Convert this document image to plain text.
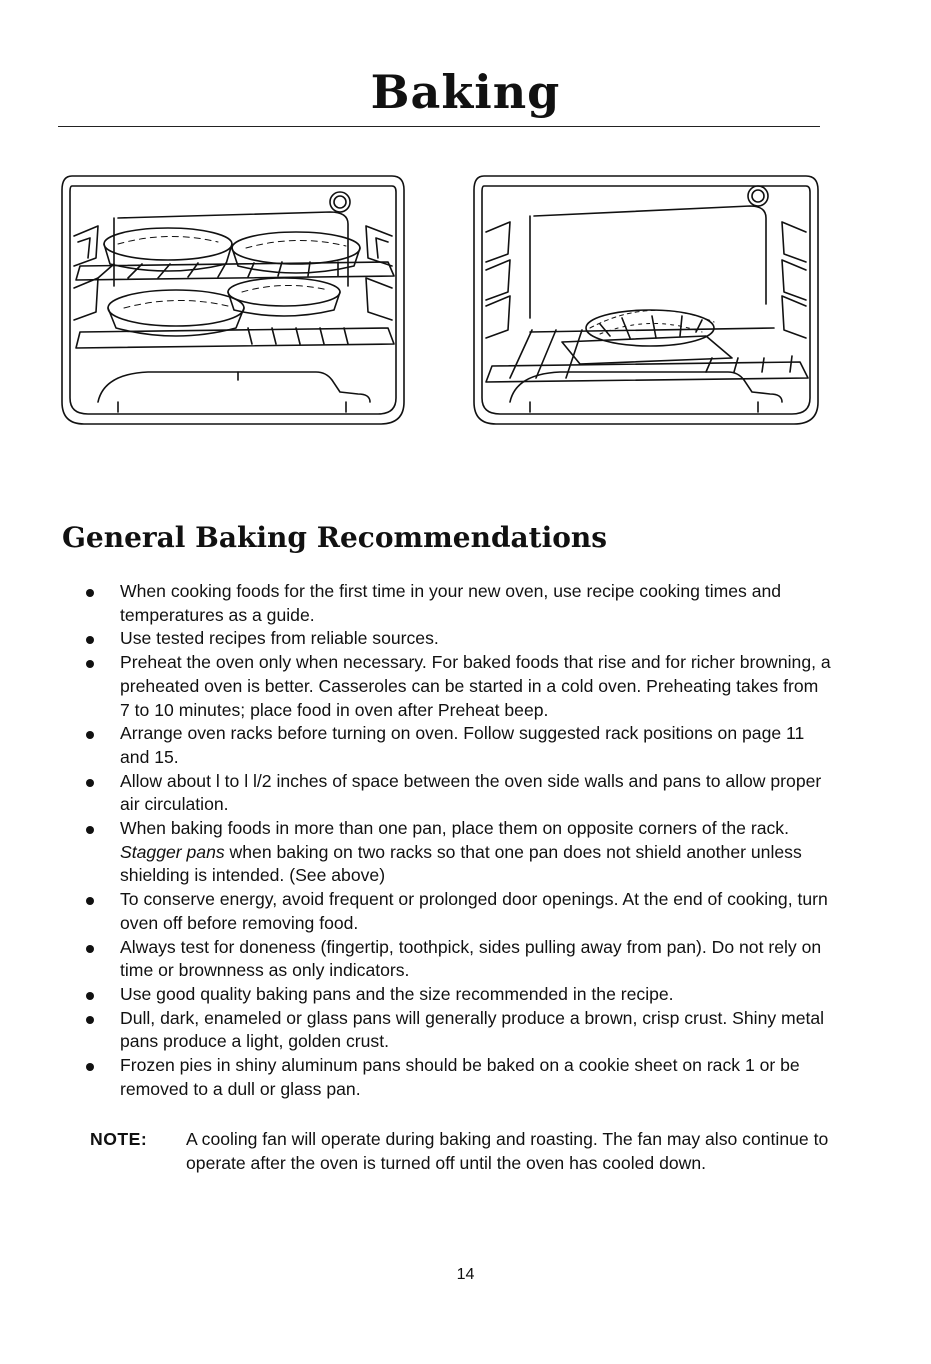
Baking
General Baking Recommendations
When cooking foods for the first time in your new oven, use recipe cooking times and temperatures as a guide.
Use tested recipes from reliable sources.
Preheat the oven only when necessary. For baked foods that rise and for richer browning, a preheated oven is better. Casseroles can be started in a cold oven. Preheating takes from 7 to 10 minutes; place food in oven after Preheat beep.
Arrange oven racks before turning on oven. Follow suggested rack positions on page 11 and 15.
Allow about l to l l/2 inches of space between the oven side walls and pans to allow proper air circulation.
When baking foods in more than one pan, place them on opposite corners of the rack. Stagger pans when baking on two racks so that one pan does not shield another unless shielding is intended. (See above)
To conserve energy, avoid frequent or prolonged door openings. At the end of cooking, turn oven off before removing food.
Always test for doneness (fingertip, toothpick, sides pulling away from pan). Do not rely on time or brownness as only indicators.
Use good quality baking pans and the size recommended in the recipe.
Dull, dark, enameled or glass pans will generally produce a brown, crisp crust. Shiny metal pans produce a light, golden crust.
Frozen pies in shiny aluminum pans should be baked on a cookie sheet on rack 1 or be removed to a dull or glass pan.
NOTE: A cooling fan will operate during baking and roasting. The fan may also continue to operate after the oven is turned off until the oven has cooled down.
14
